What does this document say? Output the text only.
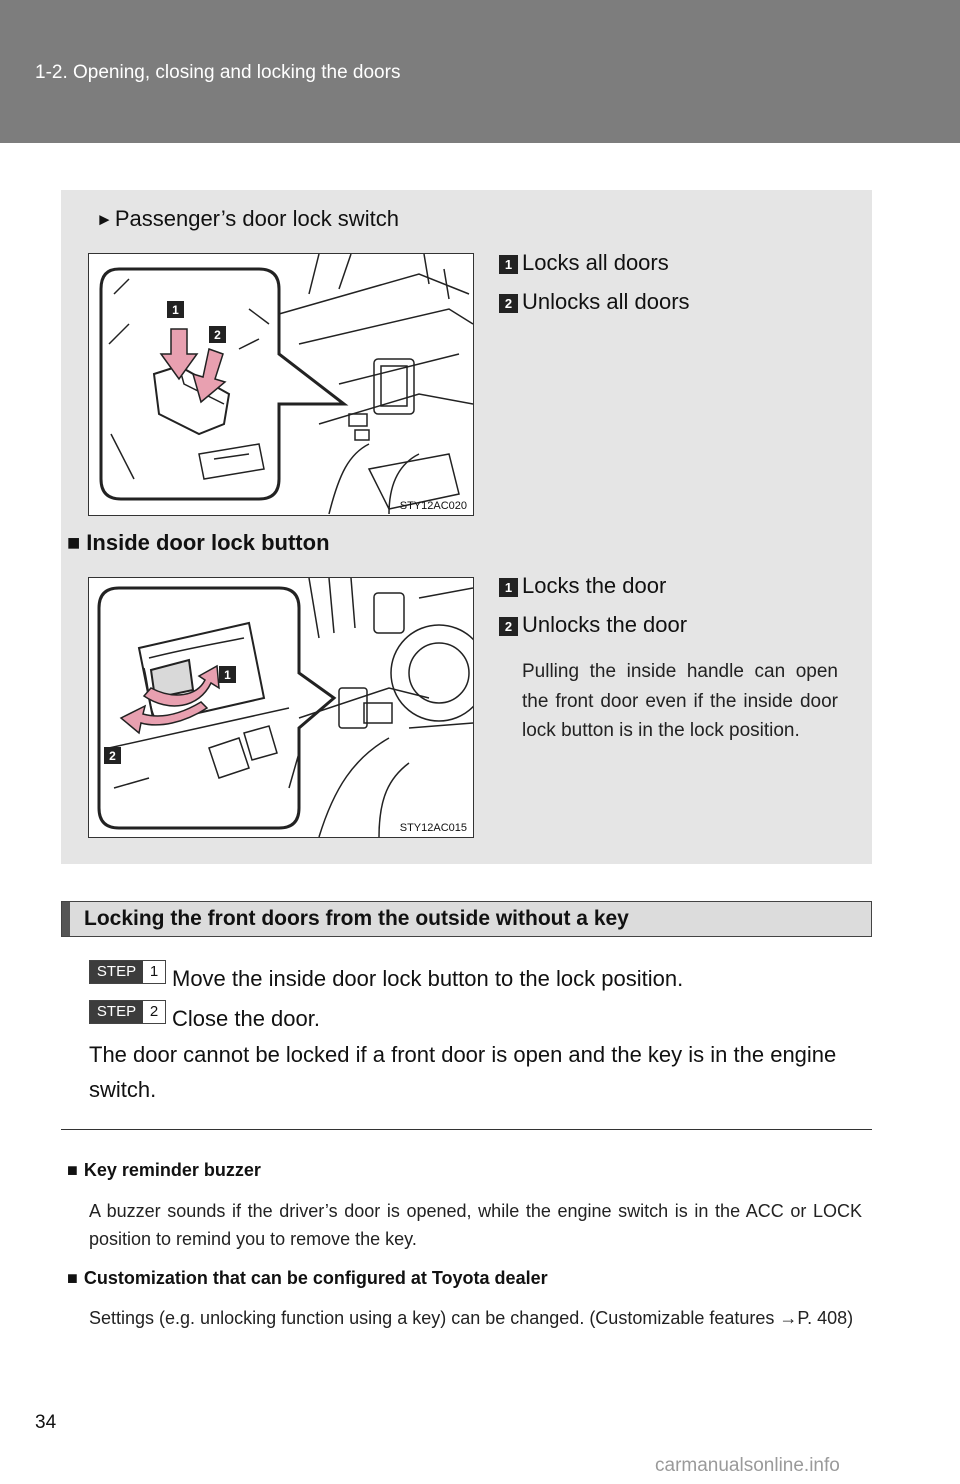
1-2. Opening, closing and locking the doors
►Passenger’s door lock switch
1
2
STY12AC020
1 Locks all doors
2 Unlocks all doors
■ Inside door lock button
1
2
STY12AC015
1 Locks the door
2 Unlocks the door
Pulling the inside handle can open the front door even if the inside door lock button is in the lock position.
Locking the front doors from the outside without a key
STEP 1 Move the inside door lock button to the lock position.
STEP 2 Close the door.
The door cannot be locked if a front door is open and the key is in the engine switch.
■ Key reminder buzzer
A buzzer sounds if the driver’s door is opened, while the engine switch is in the ACC or LOCK position to remind you to remove the key.
■ Customization that can be configured at Toyota dealer
Settings (e.g. unlocking function using a key) can be changed. (Customizable features →P. 408)
34
carmanualsonline.info
